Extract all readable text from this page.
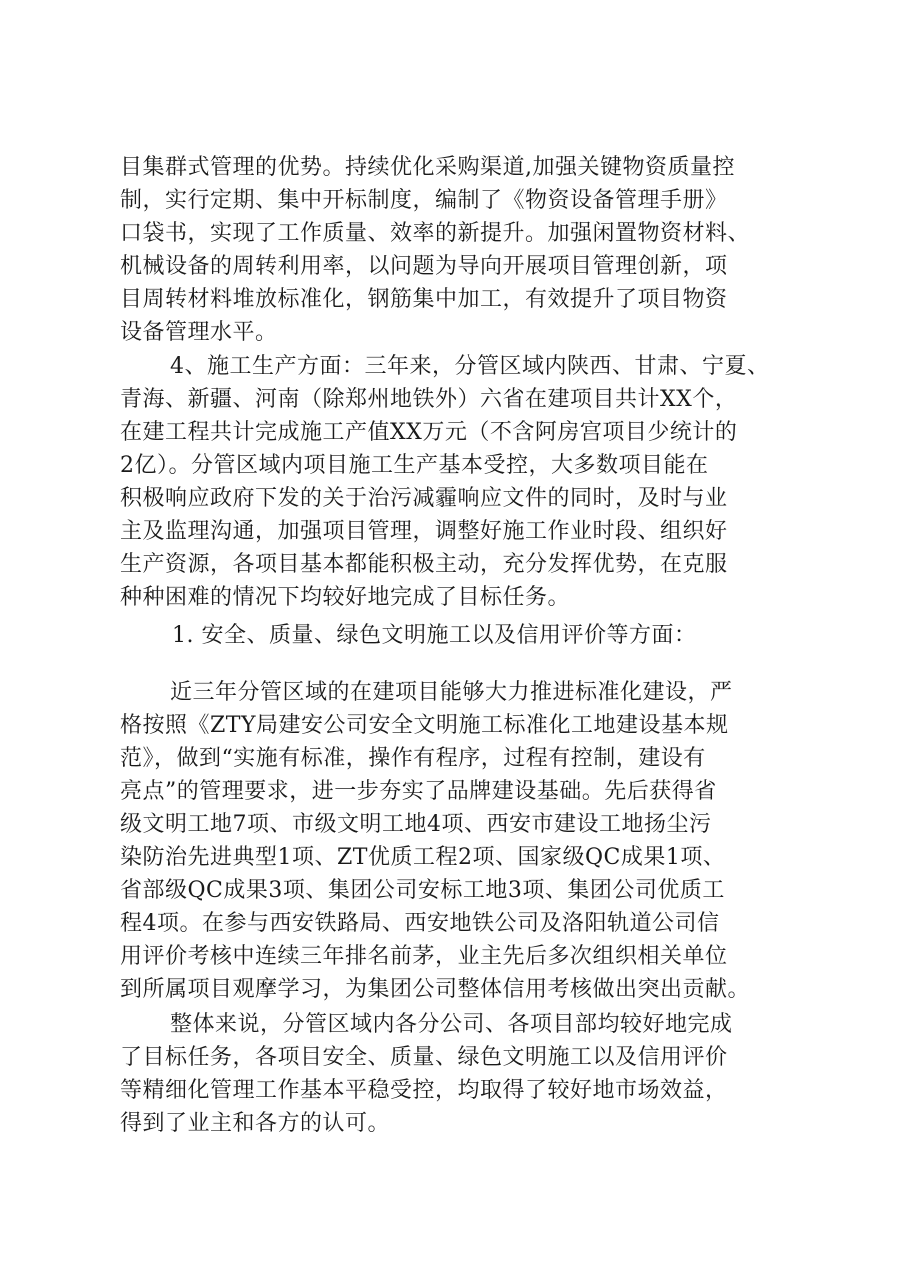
目集群式管理的优势。持续优化采购渠道,加强关键物资质量控
制，实行定期、集中开标制度，编制了《物资设备管理手册》
口袋书，实现了工作质量、效率的新提升。加强闲置物资材料、
机械设备的周转利用率，以问题为导向开展项目管理创新，项
目周转材料堆放标准化，钢筋集中加工，有效提升了项目物资
设备管理水平。
4、施工生产方面：三年来，分管区域内陕西、甘肃、宁夏、
青海、新疆、河南（除郑州地铁外）六省在建项目共计XX个，
在建工程共计完成施工产值XX万元（不含阿房宫项目少统计的
2亿）。分管区域内项目施工生产基本受控，大多数项目能在
积极响应政府下发的关于治污减霾响应文件的同时，及时与业
主及监理沟通，加强项目管理，调整好施工作业时段、组织好
生产资源，各项目基本都能积极主动，充分发挥优势，在克服
种种困难的情况下均较好地完成了目标任务。
1. 安全、质量、绿色文明施工以及信用评价等方面：
近三年分管区域的在建项目能够大力推进标准化建设，严
格按照《ZTY局建安公司安全文明施工标准化工地建设基本规
范》，做到“实施有标准，操作有程序，过程有控制，建设有
亮点”的管理要求，进一步夯实了品牌建设基础。先后获得省
级文明工地7项、市级文明工地4项、西安市建设工地扬尘污
染防治先进典型1项、ZT优质工程2项、国家级QC成果1项、
省部级QC成果3项、集团公司安标工地3项、集团公司优质工
程4项。在参与西安铁路局、西安地铁公司及洛阳轨道公司信
用评价考核中连续三年排名前茅，业主先后多次组织相关单位
到所属项目观摩学习，为集团公司整体信用考核做出突出贡献。
整体来说，分管区域内各分公司、各项目部均较好地完成
了目标任务，各项目安全、质量、绿色文明施工以及信用评价
等精细化管理工作基本平稳受控，均取得了较好地市场效益，
得到了业主和各方的认可。
